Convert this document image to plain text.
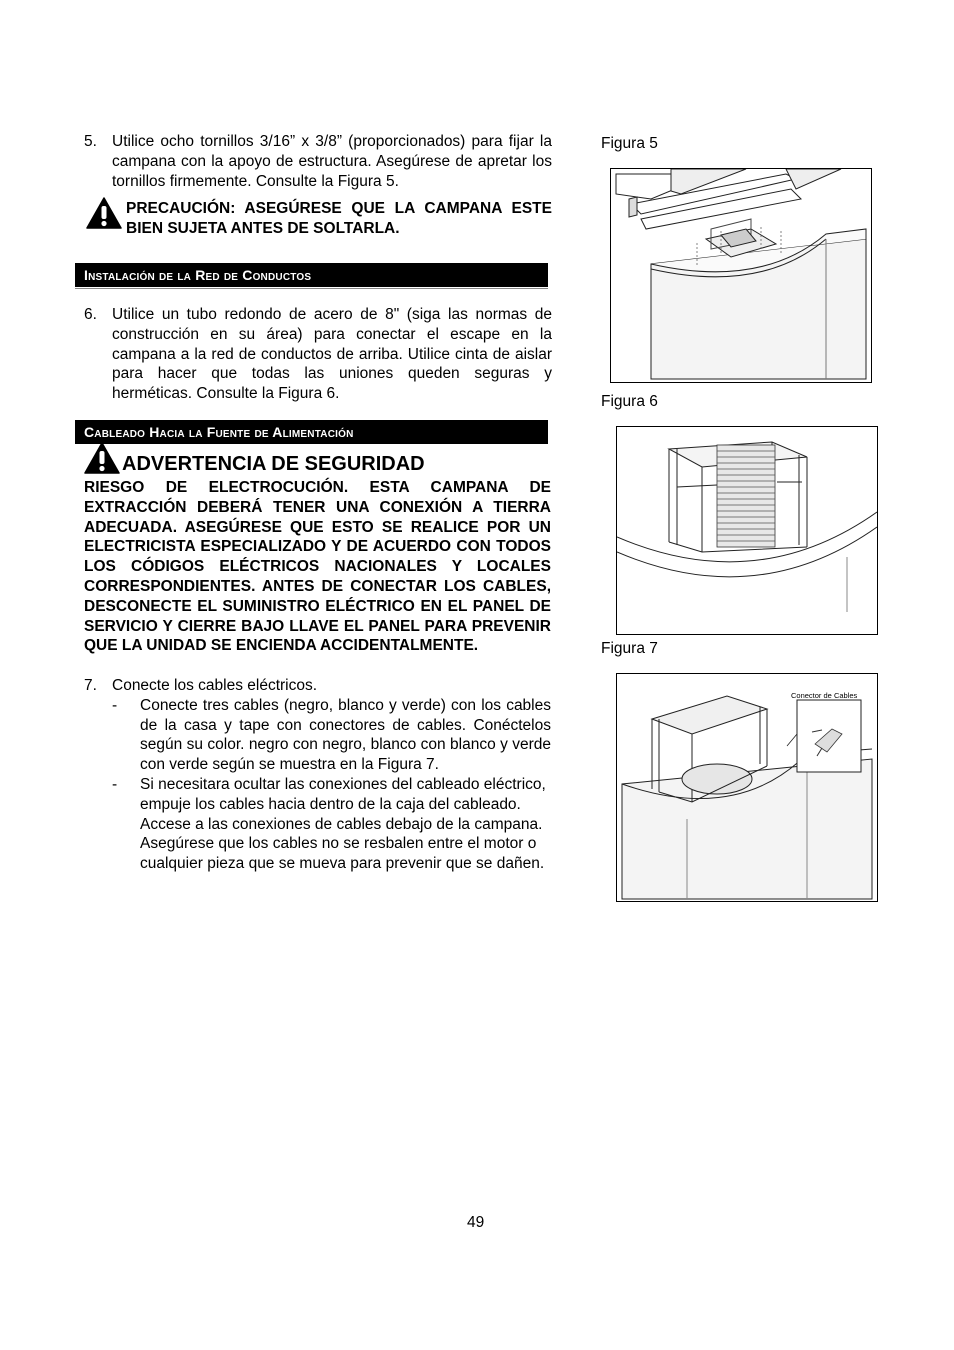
5. Utilice ocho tornillos 3/16” x 3/8” (proporcionados) para fijar la campana con la apoyo de estructura. Asegúrese de apretar los tornillos firmemente. Consulte la Figura 5.
PRECAUCIÓN: ASEGÚRESE QUE LA CAMPANA ESTE BIEN SUJETA ANTES DE SOLTARLA.
Instalación de la Red de Conductos
6. Utilice un tubo redondo de acero de 8" (siga las normas de construcción en su área) para conectar el escape en la campana a la red de conductos de arriba. Utilice cinta de aislar para hacer que todas las uniones queden seguras y herméticas. Consulte la Figura 6.
Cableado Hacia la Fuente de Alimentación
ADVERTENCIA DE SEGURIDAD
RIESGO DE ELECTROCUCIÓN. ESTA CAMPANA DE EXTRACCIÓN DEBERÁ TENER UNA CONEXIÓN A TIERRA ADECUADA. ASEGÚRESE QUE ESTO SE REALICE POR UN ELECTRICISTA ESPECIALIZADO Y DE ACUERDO CON TODOS LOS CÓDIGOS ELÉCTRICOS NACIONALES Y LOCALES CORRESPONDIENTES. ANTES DE CONECTAR LOS CABLES, DESCONECTE EL SUMINISTRO ELÉCTRICO EN EL PANEL DE SERVICIO Y CIERRE BAJO LLAVE EL PANEL PARA PREVENIR QUE LA UNIDAD SE ENCIENDA ACCIDENTALMENTE.
7. Conecte los cables eléctricos.
- Conecte tres cables (negro, blanco y verde) con los cables de la casa y tape con conectores de cables. Conéctelos según su color. negro con negro, blanco con blanco y verde con verde según se muestra en la Figura 7.
- Si necesitara ocultar las conexiones del cableado eléctrico, empuje los cables hacia dentro de la caja del cableado. Accese a las conexiones de cables debajo de la campana. Asegúrese que los cables no se resbalen entre el motor o cualquier pieza que se mueva para prevenir que se dañen.
Figura 5
Figura 6
Figura 7
Conector de Cables
49
